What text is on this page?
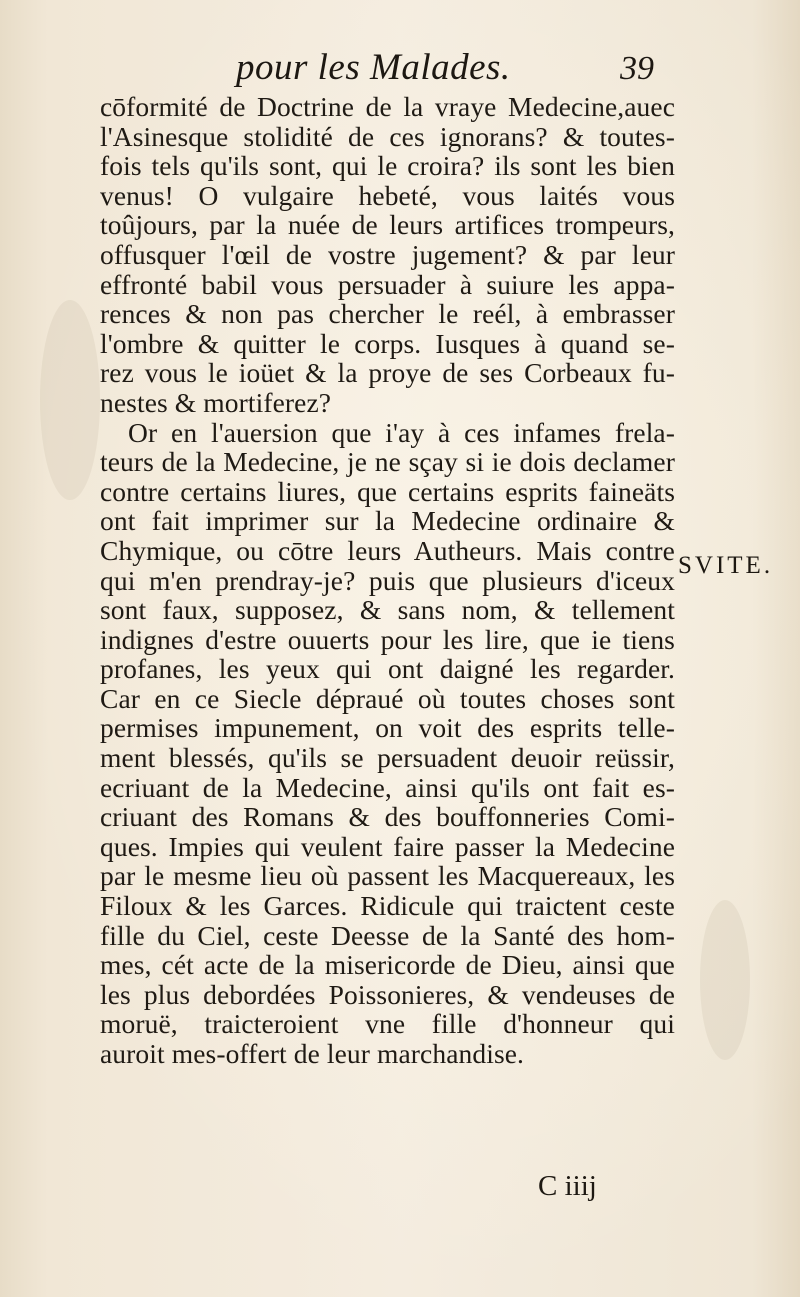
pour les Malades.	39
cōformité de Doctrine de la vraye Medecine,auec
l'Asinesque stolidité de ces ignorans? & toutes-
fois tels qu'ils sont, qui le croira? ils sont les bien
venus! O vulgaire hebeté, vous laités vous
toûjours, par la nuée de leurs artifices trompeurs,
offusquer l'œil de vostre jugement? & par leur
effronté babil vous persuader à suiure les appa-
rences & non pas chercher le reél, à embrasser
l'ombre & quitter le corps. Iusques à quand se-
rez vous le ioüet & la proye de ses Corbeaux fu-
nestes & mortiferez?
Or en l'auersion que i'ay à ces infames frela-
teurs de la Medecine, je ne sçay si ie dois declamer
contre certains liures, que certains esprits faineäts
ont fait imprimer sur la Medecine ordinaire &
Chymique, ou cōtre leurs Autheurs. Mais contre
qui m'en prendray-je? puis que plusieurs d'iceux
sont faux, supposez, & sans nom, & tellement
indignes d'estre ouuerts pour les lire, que ie tiens
profanes, les yeux qui ont daigné les regarder.
Car en ce Siecle dépraué où toutes choses sont
permises impunement, on voit des esprits telle-
ment blessés, qu'ils se persuadent deuoir reüssir,
ecriuant de la Medecine, ainsi qu'ils ont fait es-
criuant des Romans & des bouffonneries Comi-
ques. Impies qui veulent faire passer la Medecine
par le mesme lieu où passent les Macquereaux, les
Filoux & les Garces. Ridicule qui traictent ceste
fille du Ciel, ceste Deesse de la Santé des hom-
mes, cét acte de la misericorde de Dieu, ainsi que
les plus debordées Poissonieres, & vendeuses de
moruë, traicteroient vne fille d'honneur qui
auroit mes-offert de leur marchandise.
SVITE.
C iiij
